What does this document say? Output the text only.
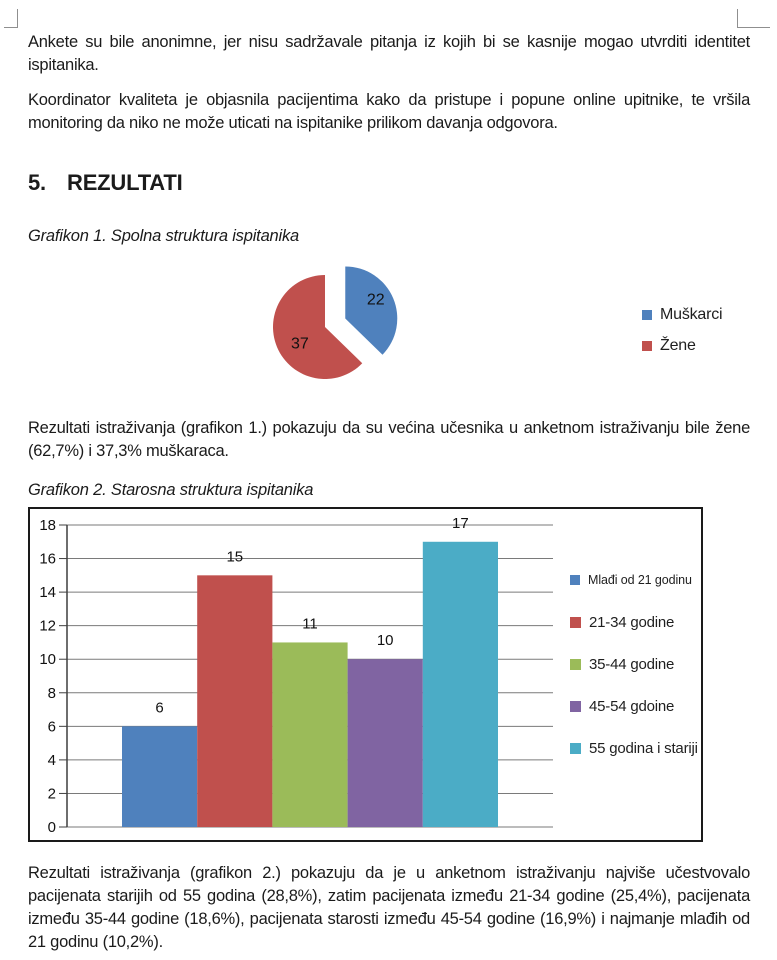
Ankete su bile anonimne, jer nisu sadržavale pitanja iz kojih bi se kasnije mogao utvrditi identitet ispitanika.

Koordinator kvaliteta je objasnila pacijentima kako da pristupe i popune online upitnike, te vršila monitoring da niko ne može uticati na ispitanike prilikom davanja odgovora.

5. REZULTATI
Grafikon 1. Spolna struktura ispitanika
22
37
Muškarci
Žene

Rezultati istraživanja (grafikon 1.) pokazuju da su većina učesnika u anketnom istraživanju bile žene (62,7%) i 37,3% muškaraca.

Grafikon 2. Starosna struktura ispitanika
0
2
4
6
8
10
12
14
16
18
6
15
11
10
17
Mlađi od 21 godinu
21-34 godine
35-44 godine
45-54 gdoine
55 godina i stariji

Rezultati istraživanja (grafikon 2.) pokazuju da je u anketnom istraživanju najviše učestvovalo pacijenata starijih od 55 godina (28,8%), zatim pacijenata između 21-34 godine (25,4%), pacijenata između 35-44 godine (18,6%), pacijenata starosti između 45-54 godine (16,9%) i najmanje mlađih od 21 godinu (10,2%).
